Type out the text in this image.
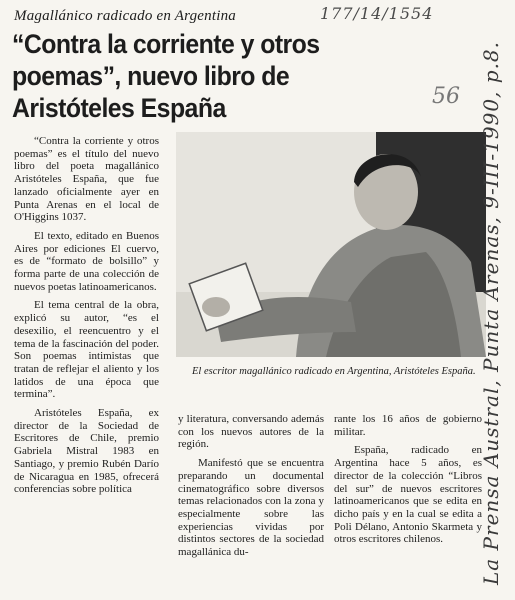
Magallánico radicado en Argentina	177/14/1554
“Contra la corriente y otros poemas”, nuevo libro de Aristóteles España	56

“Contra la corriente y otros poemas” es el título del nuevo libro del poeta magallánico Aristóteles España, que fue lanzado oficialmente ayer en Punta Arenas en el local de O'Higgins 1037.

El texto, editado en Buenos Aires por ediciones El cuervo, es de “formato de bolsillo” y forma parte de una colección de nuevos poetas latinoamericanos.

El tema central de la obra, explicó su autor, “es el desexilio, el reencuentro y el tema de la fascinación del poder. Son poemas intimistas que tratan de reflejar el aliento y los latidos de una época que termina”.

Aristóteles España, ex director de la Sociedad de Escritores de Chile, premio Gabriela Mistral 1983 en Santiago, y premio Rubén Darío de Nicaragua en 1985, ofrecerá conferencias sobre política

El escritor magallánico radicado en Argentina, Aristóteles España.

y literatura, conversando además con los nuevos autores de la región.

Manifestó que se encuentra preparando un documental cinematográfico sobre diversos temas relacionados con la zona y especialmente sobre las experiencias vividas por distintos sectores de la sociedad magallánica du-

rante los 16 años de gobierno militar.

España, radicado en Argentina hace 5 años, es director de la colección “Libros del sur” de nuevos escritores latinoamericanos que se edita en dicho país y en la cual se edita a Poli Délano, Antonio Skarmeta y otros escritores chilenos.	La Prensa Austral, Punta Arenas, 9-III-1990, p.8.
